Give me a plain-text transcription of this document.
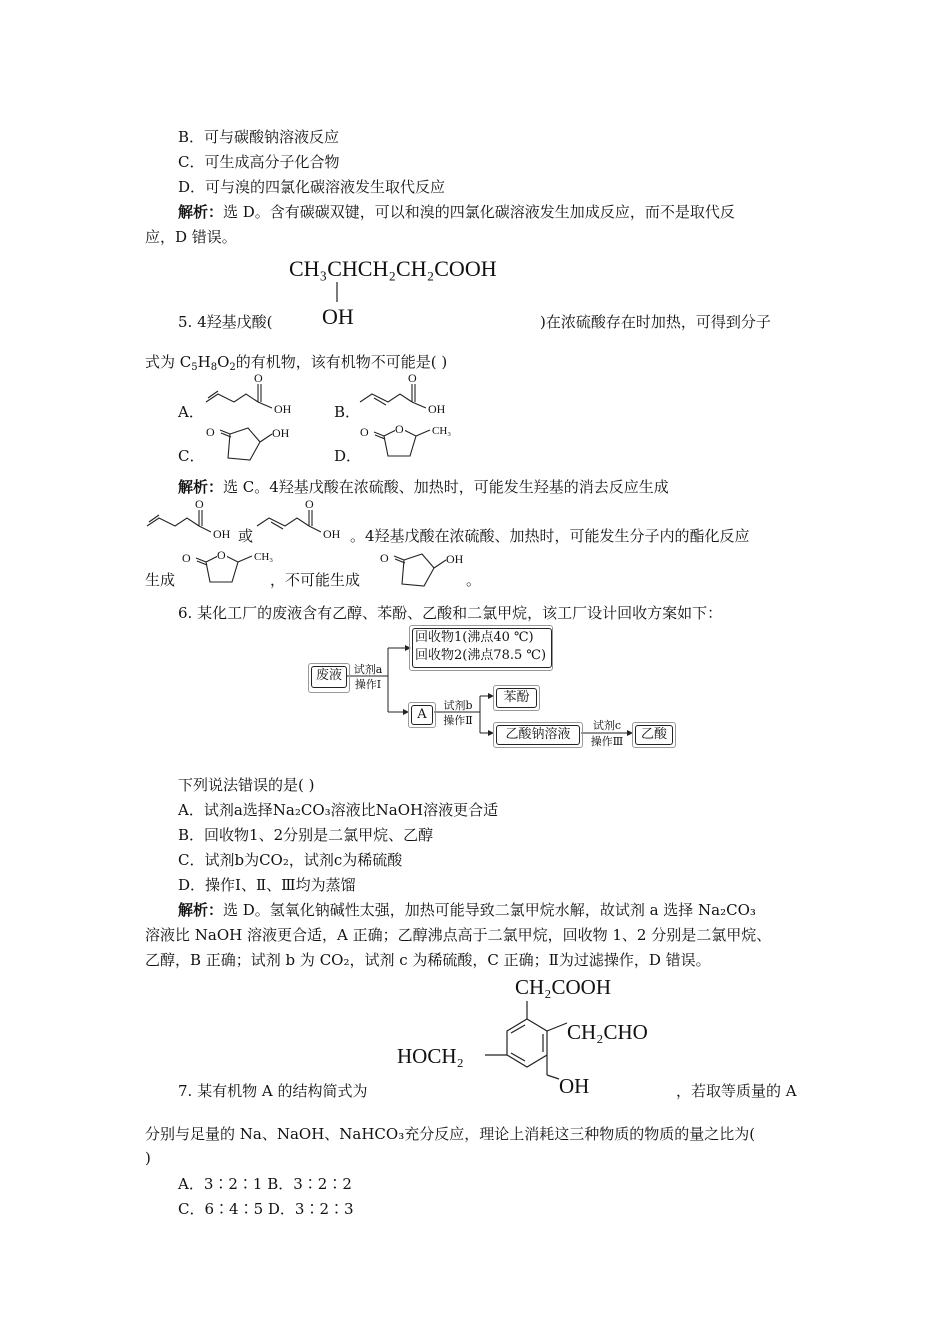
B．可与碳酸钠溶液反应
C．可生成高分子化合物
D．可与溴的四氯化碳溶液发生取代反应
解析：选 D。含有碳碳双键，可以和溴的四氯化碳溶液发生加成反应，而不是取代反
应，D 错误。
CH₃CHCH₂CH₂COOH
OH
5. 4羟基戊酸(	)在浓硫酸存在时加热，可得到分子
式为 $C_5H_8O_2$的有机物，该有机物不可能是( )
A．
O
OH	B．
O
OH
C．
O	OH
D．
O
O	CH₃
解析：选 C。4羟基戊酸在浓硫酸、加热时，可能发生羟基的消去反应生成
O
OH 或
O
OH 。4羟基戊酸在浓硫酸、加热时，可能发生分子内的酯化反应
生成
O
O	CH₃
，不可能生成
O	OH
。
6. 某化工厂的废液含有乙醇、苯酚、乙酸和二氯甲烷，该工厂设计回收方案如下：
废液	试剂a
操作Ⅰ
回收物1(沸点40 ℃)
回收物2(沸点78.5 ℃)
A
试剂b
操作Ⅱ
苯酚
乙酸钠溶液
试剂c
操作Ⅲ	乙酸
下列说法错误的是( )
A．试剂a选择Na₂CO₃溶液比NaOH溶液更合适
B．回收物1、2分别是二氯甲烷、乙醇
C．试剂b为CO₂，试剂c为稀硫酸
D．操作Ⅰ、Ⅱ、Ⅲ均为蒸馏
解析：选 D。氢氧化钠碱性太强，加热可能导致二氯甲烷水解，故试剂 a 选择 Na₂CO₃
溶液比 NaOH 溶液更合适，A 正确；乙醇沸点高于二氯甲烷，回收物 1、2 分别是二氯甲烷、
乙醇，B 正确；试剂 b 为 CO₂，试剂 c 为稀硫酸，C 正确；Ⅱ为过滤操作，D 错误。
CH₂COOH
CH₂CHO
HOCH₂
OH
7. 某有机物 A 的结构简式为	，若取等质量的 A
分别与足量的 Na、NaOH、NaHCO₃充分反应，理论上消耗这三种物质的物质的量之比为(
)
A．3∶2∶1 B．3∶2∶2
C．6∶4∶5 D．3∶2∶3
